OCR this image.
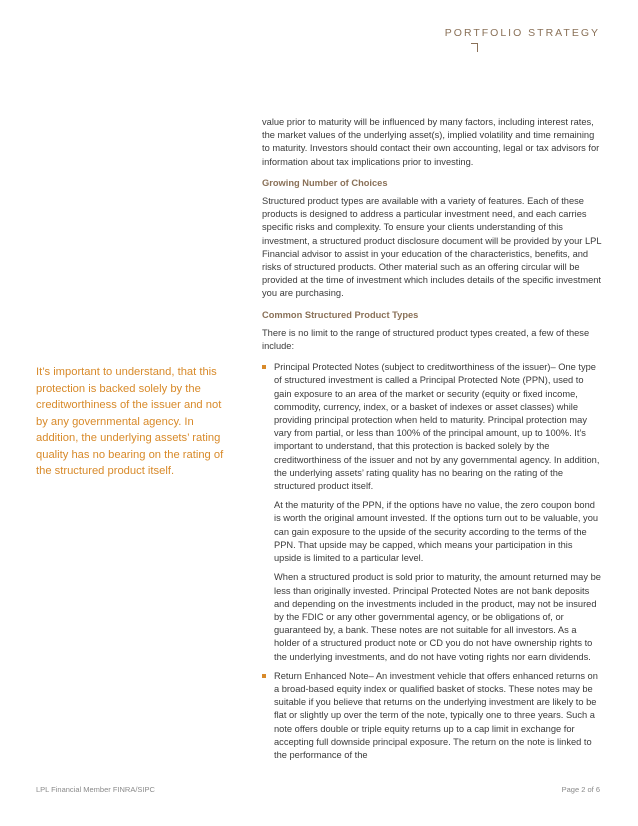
PORTFOLIO STRATEGY
It’s important to understand, that this protection is backed solely by the creditworthiness of the issuer and not by any governmental agency. In addition, the underlying assets’ rating quality has no bearing on the rating of the structured product itself.

value prior to maturity will be influenced by many factors, including interest rates, the market values of the underlying asset(s), implied volatility and time remaining to maturity. Investors should contact their own accounting, legal or tax advisors for information about tax implications prior to investing.

Growing Number of Choices

Structured product types are available with a variety of features. Each of these products is designed to address a particular investment need, and each carries specific risks and complexity. To ensure your clients understanding of this investment, a structured product disclosure document will be provided by your LPL Financial advisor to assist in your education of the characteristics, benefits, and risks of structured products. Other material such as an offering circular will be provided at the time of investment which includes details of the specific investment you are purchasing.

Common Structured Product Types

There is no limit to the range of structured product types created, a few of these include:

Principal Protected Notes (subject to creditworthiness of the issuer)– One type of structured investment is called a Principal Protected Note (PPN), used to gain exposure to an area of the market or security (equity or fixed income, commodity, currency, index, or a basket of indexes or asset classes) while providing principal protection when held to maturity. Principal protection may vary from partial, or less than 100% of the principal amount, up to 100%. It’s important to understand, that this protection is backed solely by the creditworthiness of the issuer and not by any governmental agency. In addition, the underlying assets’ rating quality has no bearing on the rating of the structured product itself.

At the maturity of the PPN, if the options have no value, the zero coupon bond is worth the original amount invested. If the options turn out to be valuable, you can gain exposure to the upside of the security according to the terms of the PPN. That upside may be capped, which means your participation in this upside is limited to a particular level.

When a structured product is sold prior to maturity, the amount returned may be less than originally invested. Principal Protected Notes are not bank deposits and depending on the investments included in the product, may not be insured by the FDIC or any other governmental agency, or be obligations of, or guaranteed by, a bank. These notes are not suitable for all investors. As a holder of a structured product note or CD you do not have ownership rights to the underlying investments, and do not have voting rights nor earn dividends.

Return Enhanced Note– An investment vehicle that offers enhanced returns on a broad-based equity index or qualified basket of stocks. These notes may be suitable if you believe that returns on the underlying investment are likely to be flat or slightly up over the term of the note, typically one to three years. Such a note offers double or triple equity returns up to a cap limit in exchange for accepting full downside principal exposure. The return on the note is linked to the performance of the

LPL Financial Member FINRA/SIPC	Page 2 of 6
